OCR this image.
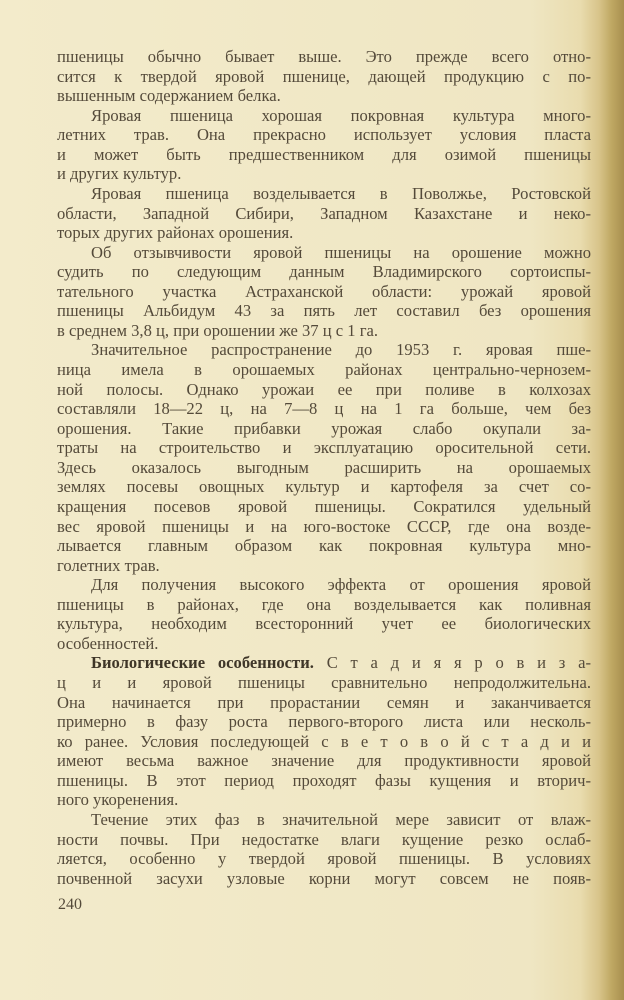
пшеницы обычно бывает выше. Это прежде всего отно-
сится к твердой яровой пшенице, дающей продукцию с по-
вышенным содержанием белка.
Яровая пшеница хорошая покровная культура много-
летних трав. Она прекрасно использует условия пласта
и может быть предшественником для озимой пшеницы
и других культур.
Яровая пшеница возделывается в Поволжье, Ростовской
области, Западной Сибири, Западном Казахстане и неко-
торых других районах орошения.
Об отзывчивости яровой пшеницы на орошение можно
судить по следующим данным Владимирского сортоиспы-
тательного участка Астраханской области: урожай яровой
пшеницы Альбидум 43 за пять лет составил без орошения
в среднем 3,8 ц, при орошении же 37 ц с 1 га.
Значительное распространение до 1953 г. яровая пше-
ница имела в орошаемых районах центрально-чернозем-
ной полосы. Однако урожаи ее при поливе в колхозах
составляли 18—22 ц, на 7—8 ц на 1 га больше, чем без
орошения. Такие прибавки урожая слабо окупали за-
траты на строительство и эксплуатацию оросительной сети.
Здесь оказалось выгодным расширить на орошаемых
землях посевы овощных культур и картофеля за счет со-
кращения посевов яровой пшеницы. Сократился удельный
вес яровой пшеницы и на юго-востоке СССР, где она возде-
лывается главным образом как покровная культура мно-
голетних трав.
Для получения высокого эффекта от орошения яровой
пшеницы в районах, где она возделывается как поливная
культура, необходим всесторонний учет ее биологических
особенностей.
Биологические особенности. С т а д и я я р о в и з а-
ц и и яровой пшеницы сравнительно непродолжительна.
Она начинается при прорастании семян и заканчивается
примерно в фазу роста первого-второго листа или несколь-
ко ранее. Условия последующей с в е т о в о й с т а д и и
имеют весьма важное значение для продуктивности яровой
пшеницы. В этот период проходят фазы кущения и вторич-
ного укоренения.
Течение этих фаз в значительной мере зависит от влаж-
ности почвы. При недостатке влаги кущение резко ослаб-
ляется, особенно у твердой яровой пшеницы. В условиях
почвенной засухи узловые корни могут совсем не появ-
240
